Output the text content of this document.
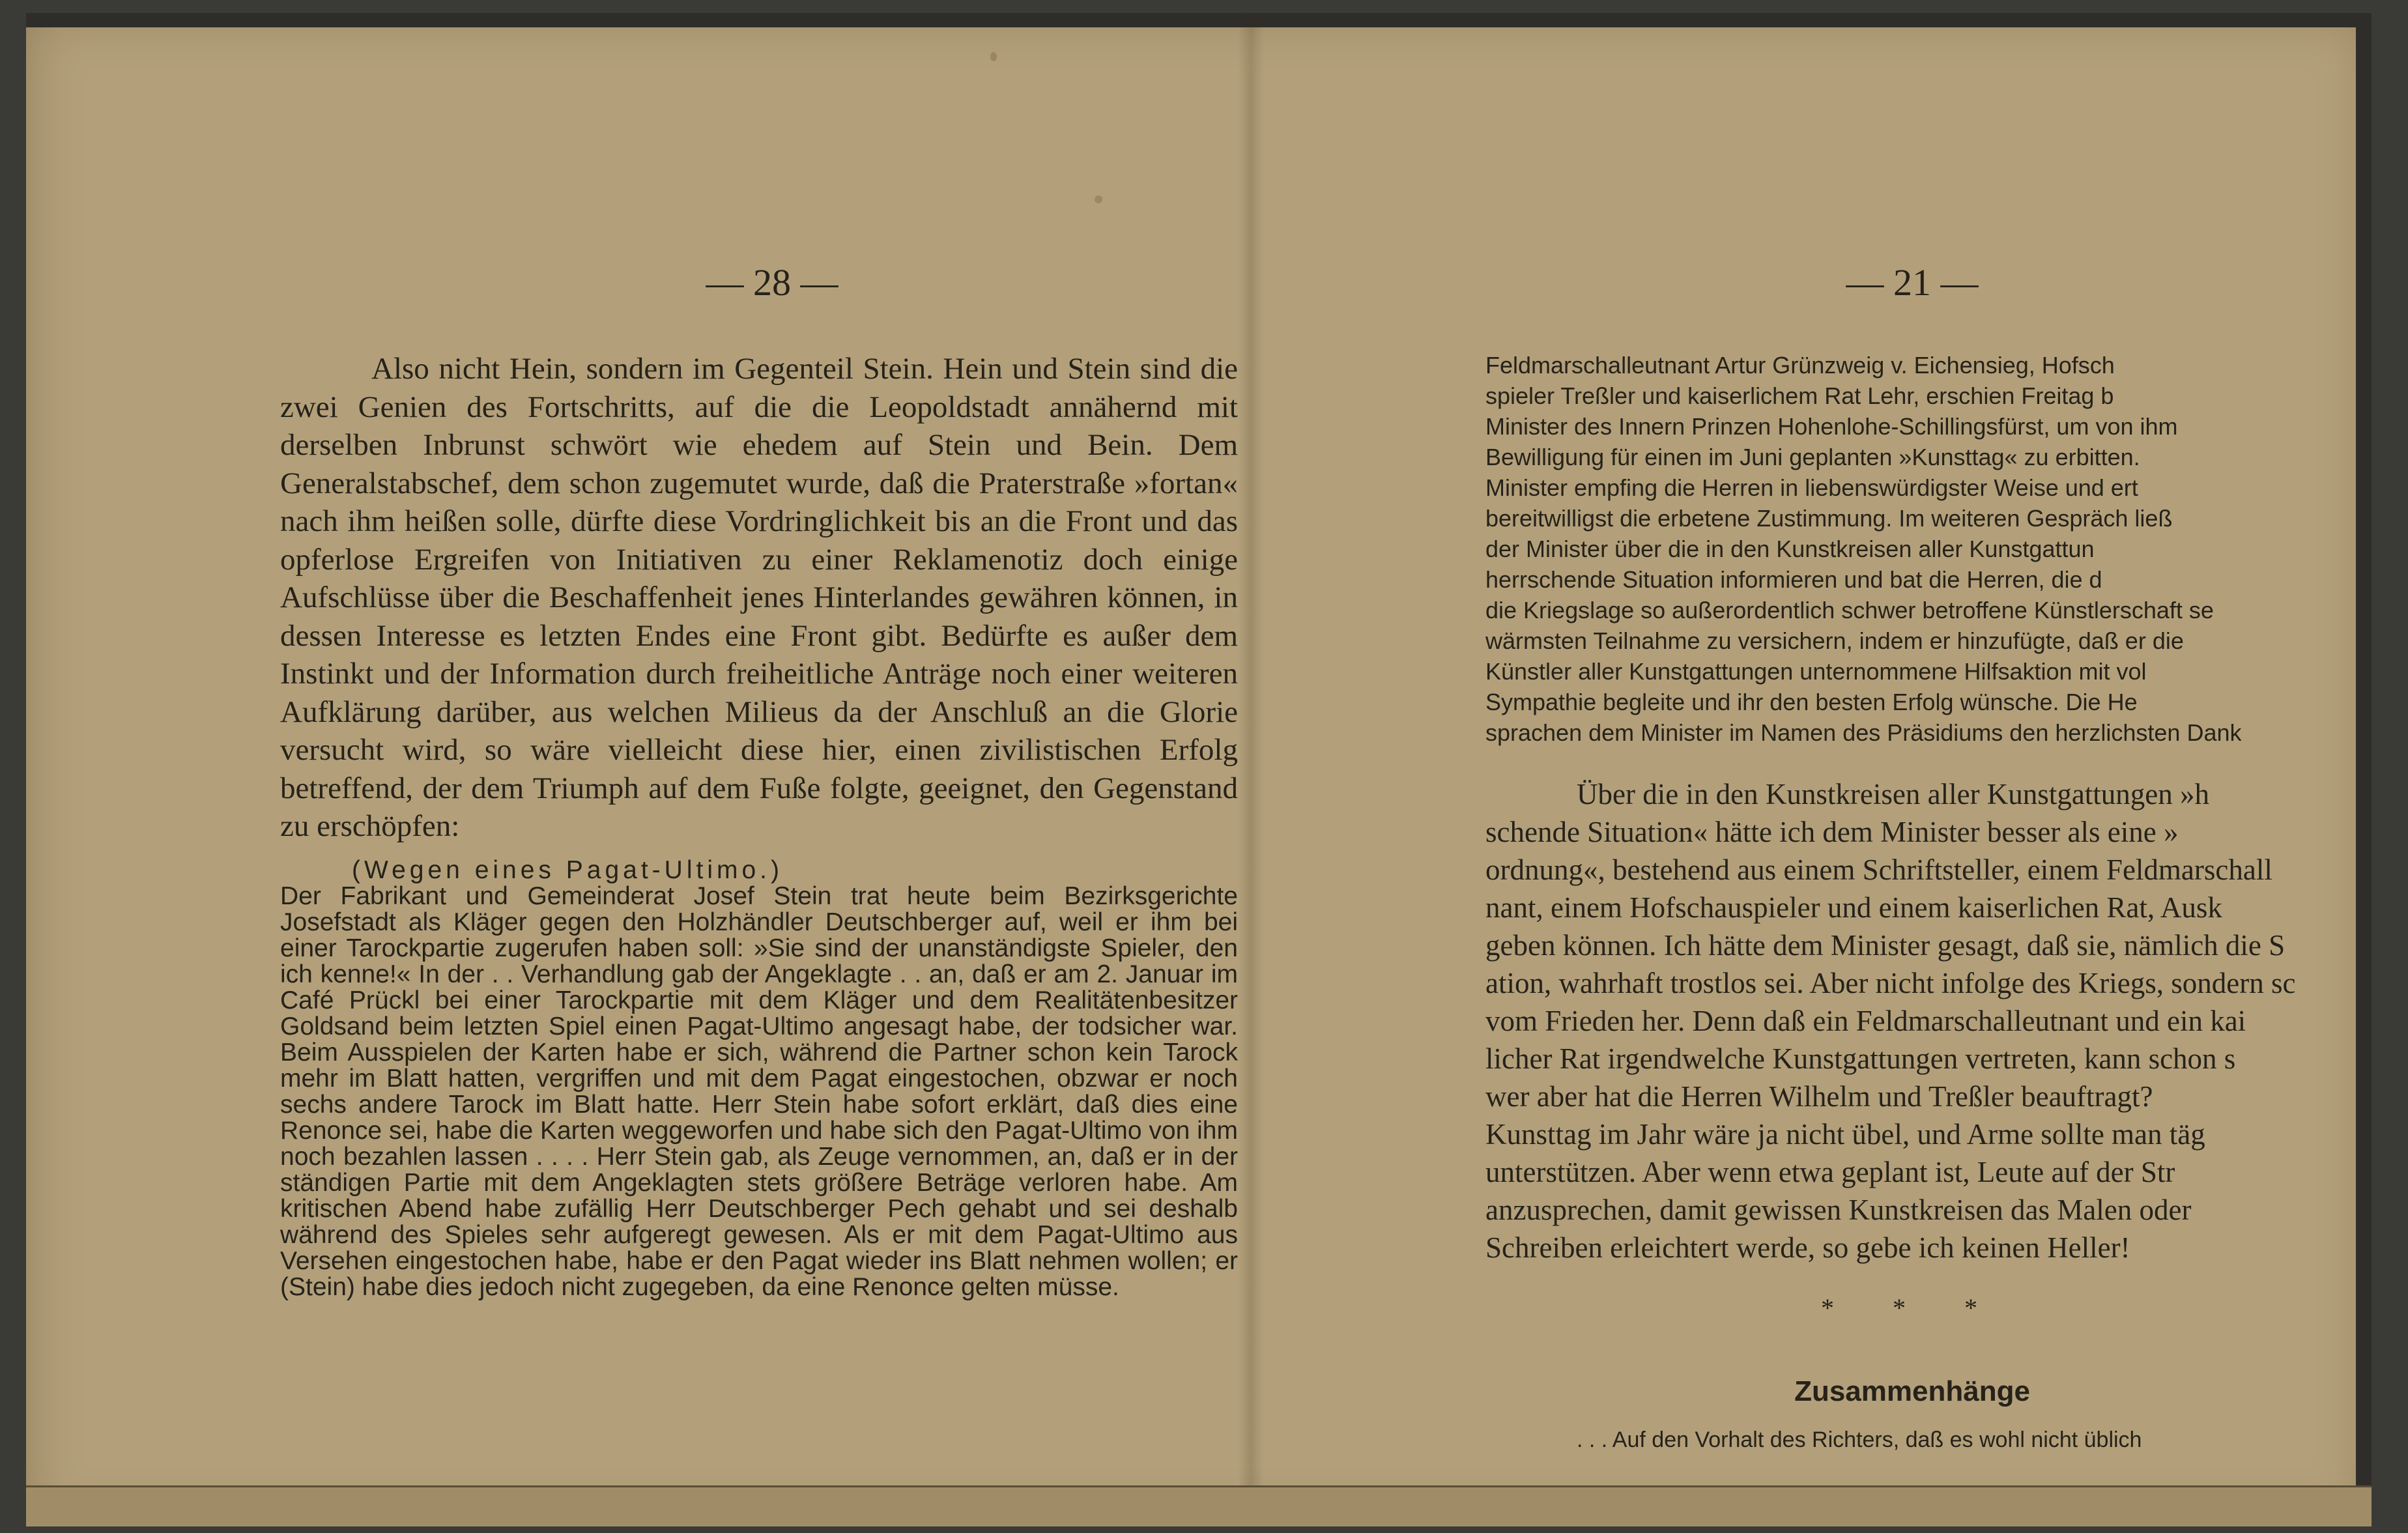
— 28 —

Also nicht Hein, sondern im Gegenteil Stein. Hein und Stein sind die zwei Genien des Fortschritts, auf die die Leopoldstadt annähernd mit derselben Inbrunst schwört wie ehedem auf Stein und Bein. Dem Generalstabschef, dem schon zugemutet wurde, daß die Praterstraße »fortan« nach ihm heißen solle, dürfte diese Vordringlichkeit bis an die Front und das opferlose Ergreifen von Initiativen zu einer Reklamenotiz doch einige Aufschlüsse über die Beschaffenheit jenes Hinterlandes gewähren können, in dessen Interesse es letzten Endes eine Front gibt. Bedürfte es außer dem Instinkt und der Information durch freiheitliche Anträge noch einer weiteren Aufklärung darüber, aus welchen Milieus da der Anschluß an die Glorie versucht wird, so wäre vielleicht diese hier, einen zivilistischen Erfolg betreffend, der dem Triumph auf dem Fuße folgte, geeignet, den Gegenstand zu erschöpfen:

(Wegen eines Pagat-Ultimo.)
Der Fabrikant und Gemeinderat Josef Stein trat heute beim Bezirksgerichte Josefstadt als Kläger gegen den Holzhändler Deutschberger auf, weil er ihm bei einer Tarockpartie zugerufen haben soll: »Sie sind der unanständigste Spieler, den ich kenne!« In der . . Verhandlung gab der Angeklagte . . an, daß er am 2. Januar im Café Prückl bei einer Tarockpartie mit dem Kläger und dem Realitätenbesitzer Goldsand beim letzten Spiel einen Pagat-Ultimo angesagt habe, der todsicher war. Beim Ausspielen der Karten habe er sich, während die Partner schon kein Tarock mehr im Blatt hatten, vergriffen und mit dem Pagat eingestochen, obzwar er noch sechs andere Tarock im Blatt hatte. Herr Stein habe sofort erklärt, daß dies eine Renonce sei, habe die Karten weggeworfen und habe sich den Pagat-Ultimo von ihm noch bezahlen lassen . . . . Herr Stein gab, als Zeuge vernommen, an, daß er in der ständigen Partie mit dem Angeklagten stets größere Beträge verloren habe. Am kritischen Abend habe zufällig Herr Deutschberger Pech gehabt und sei deshalb während des Spieles sehr aufgeregt gewesen. Als er mit dem Pagat-Ultimo aus Versehen eingestochen habe, habe er den Pagat wieder ins Blatt nehmen wollen; er (Stein) habe dies jedoch nicht zugegeben, da eine Renonce gelten müsse.
— 21 —
Feldmarschalleutnant Artur Grünzweig v. Eichensieg, Hofsch
spieler Treßler und kaiserlichem Rat Lehr, erschien Freitag b
Minister des Innern Prinzen Hohenlohe-Schillingsfürst, um von ihm
Bewilligung für einen im Juni geplanten »Kunsttag« zu erbitten.
Minister empfing die Herren in liebenswürdigster Weise und ert
bereitwilligst die erbetene Zustimmung. Im weiteren Gespräch ließ
der Minister über die in den Kunstkreisen aller Kunstgattun
herrschende Situation informieren und bat die Herren, die d
die Kriegslage so außerordentlich schwer betroffene Künstlerschaft se
wärmsten Teilnahme zu versichern, indem er hinzufügte, daß er die
Künstler aller Kunstgattungen unternommene Hilfsaktion mit vol
Sympathie begleite und ihr den besten Erfolg wünsche. Die He
sprachen dem Minister im Namen des Präsidiums den herzlichsten Dank
Über die in den Kunstkreisen aller Kunstgattungen »h
schende Situation« hätte ich dem Minister besser als eine »
ordnung«, bestehend aus einem Schriftsteller, einem Feldmarschall
nant, einem Hofschauspieler und einem kaiserlichen Rat, Ausk
geben können. Ich hätte dem Minister gesagt, daß sie, nämlich die S
ation, wahrhaft trostlos sei. Aber nicht infolge des Kriegs, sondern sc
vom Frieden her. Denn daß ein Feldmarschalleutnant und ein kai
licher Rat irgendwelche Kunstgattungen vertreten, kann schon s
wer aber hat die Herren Wilhelm und Treßler beauftragt?
Kunsttag im Jahr wäre ja nicht übel, und Arme sollte man täg
unterstützen. Aber wenn etwa geplant ist, Leute auf der Str
anzusprechen, damit gewissen Kunstkreisen das Malen oder
Schreiben erleichtert werde, so gebe ich keinen Heller!
* * *
Zusammenhänge
. . . Auf den Vorhalt des Richters, daß es wohl nicht üblich
